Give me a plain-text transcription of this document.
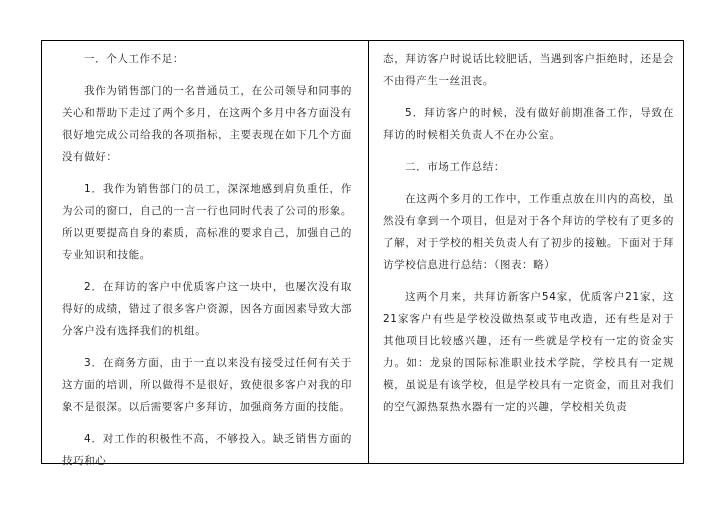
一．个人工作不足：

我作为销售部门的一名普通员工，在公司领导和同事的关心和帮助下走过了两个多月，在这两个多月中各方面没有很好地完成公司给我的各项指标，主要表现在如下几个方面没有做好：

1．我作为销售部门的员工，深深地感到肩负重任，作为公司的窗口，自己的一言一行也同时代表了公司的形象。所以更要提高自身的素质，高标准的要求自己，加强自己的专业知识和技能。

2．在拜访的客户中优质客户这一块中，也屡次没有取得好的成绩，错过了很多客户资源，因各方面因素导致大部分客户没有选择我们的机组。

3．在商务方面，由于一直以来没有接受过任何有关于这方面的培训，所以做得不是很好，致使很多客户对我的印象不是很深。以后需要客户多拜访，加强商务方面的技能。

4．对工作的积极性不高，不够投入。缺乏销售方面的技巧和心

态，拜访客户时说话比较肥话，当遇到客户拒绝时，还是会不由得产生一丝沮丧。

5．拜访客户的时候，没有做好前期准备工作，导致在拜访的时候相关负责人不在办公室。

二．市场工作总结：

在这两个多月的工作中，工作重点放在川内的高校，虽然没有拿到一个项目，但是对于各个拜访的学校有了更多的了解，对于学校的相关负责人有了初步的接触。下面对于拜访学校信息进行总结：（图表：略）

这两个月来，共拜访新客户54家，优质客户21家，这21家客户有些是学校没做热泵或节电改造，还有些是对于其他项目比较感兴趣，还有一些就是学校有一定的资金实力。如：龙泉的国际标准职业技术学院，学校具有一定规模，虽说是有该学校，但是学校具有一定资金，而且对我们的空气源热泵热水器有一定的兴趣，学校相关负责
